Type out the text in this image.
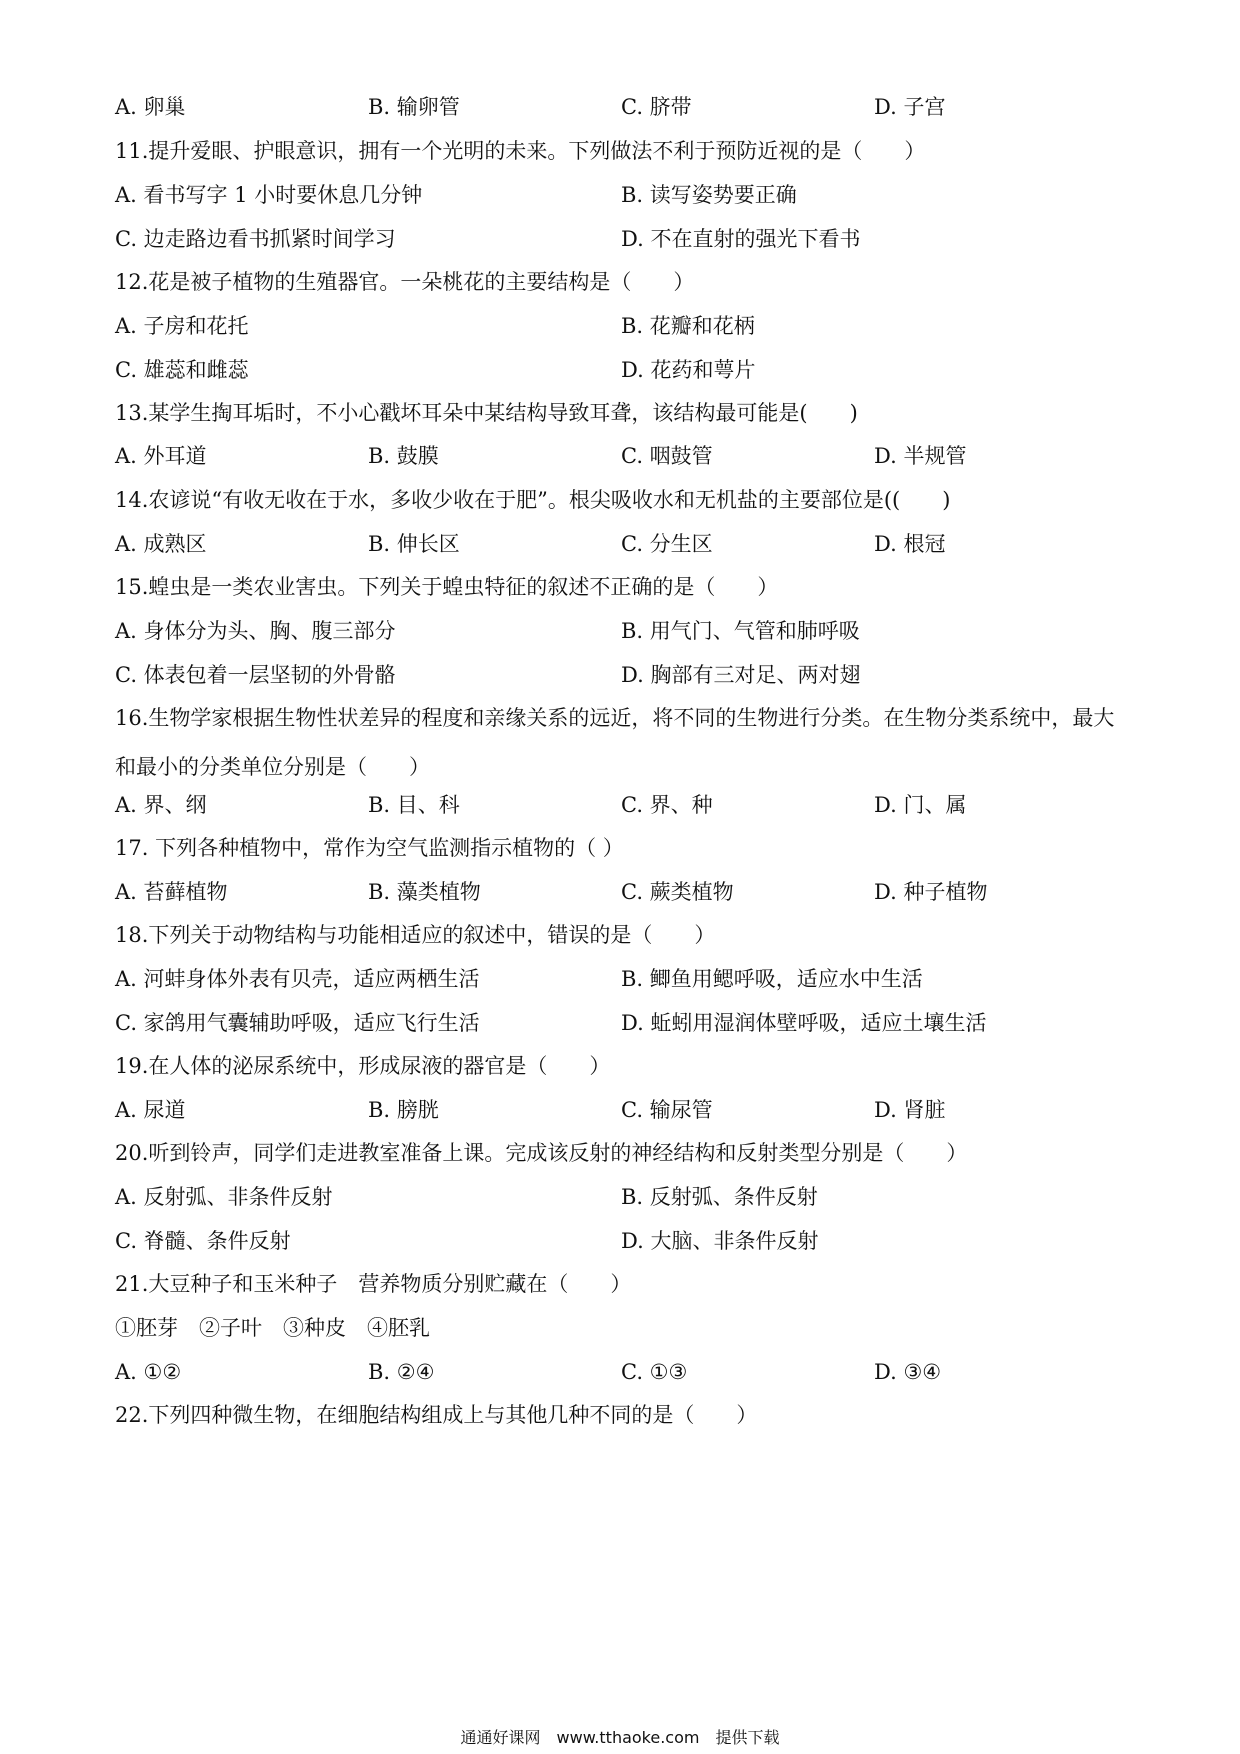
A. 卵巢	B. 输卵管	C. 脐带	D. 子宫
11.提升爱眼、护眼意识，拥有一个光明的未来。下列做法不利于预防近视的是（　　）
A. 看书写字 1 小时要休息几分钟	B. 读写姿势要正确
C. 边走路边看书抓紧时间学习	D. 不在直射的强光下看书
12.花是被子植物的生殖器官。一朵桃花的主要结构是（　　）
A. 子房和花托	B. 花瓣和花柄
C. 雄蕊和雌蕊	D. 花药和萼片
13.某学生掏耳垢时，不小心戳坏耳朵中某结构导致耳聋，该结构最可能是(　　)
A. 外耳道	B. 鼓膜	C. 咽鼓管	D. 半规管
14.农谚说“有收无收在于水，多收少收在于肥”。根尖吸收水和无机盐的主要部位是((　　)
A. 成熟区	B. 伸长区	C. 分生区	D. 根冠
15.蝗虫是一类农业害虫。下列关于蝗虫特征的叙述不正确的是（　　）
A. 身体分为头、胸、腹三部分	B. 用气门、气管和肺呼吸
C. 体表包着一层坚韧的外骨骼	D. 胸部有三对足、两对翅
16.生物学家根据生物性状差异的程度和亲缘关系的远近，将不同的生物进行分类。在生物分类系统中，最大和最小的分类单位分别是（　　）
A. 界、纲	B. 目、科	C. 界、种	D. 门、属
17. 下列各种植物中，常作为空气监测指示植物的（ ）
A. 苔藓植物	B. 藻类植物	C. 蕨类植物	D. 种子植物
18.下列关于动物结构与功能相适应的叙述中，错误的是（　　）
A. 河蚌身体外表有贝壳，适应两栖生活	B. 鲫鱼用鳃呼吸，适应水中生活
C. 家鸽用气囊辅助呼吸，适应飞行生活	D. 蚯蚓用湿润体壁呼吸，适应土壤生活
19.在人体的泌尿系统中，形成尿液的器官是（　　）
A. 尿道	B. 膀胱	C. 输尿管	D. 肾脏
20.听到铃声，同学们走进教室准备上课。完成该反射的神经结构和反射类型分别是（　　）
A. 反射弧、非条件反射	B. 反射弧、条件反射
C. 脊髓、条件反射	D. 大脑、非条件反射
21.大豆种子和玉米种子　营养物质分别贮藏在（　　）
①胚芽　②子叶　③种皮　④胚乳
A. ①②	B. ②④	C. ①③	D. ③④
22.下列四种微生物，在细胞结构组成上与其他几种不同的是（　　）
通通好课网　www.tthaoke.com　提供下载
